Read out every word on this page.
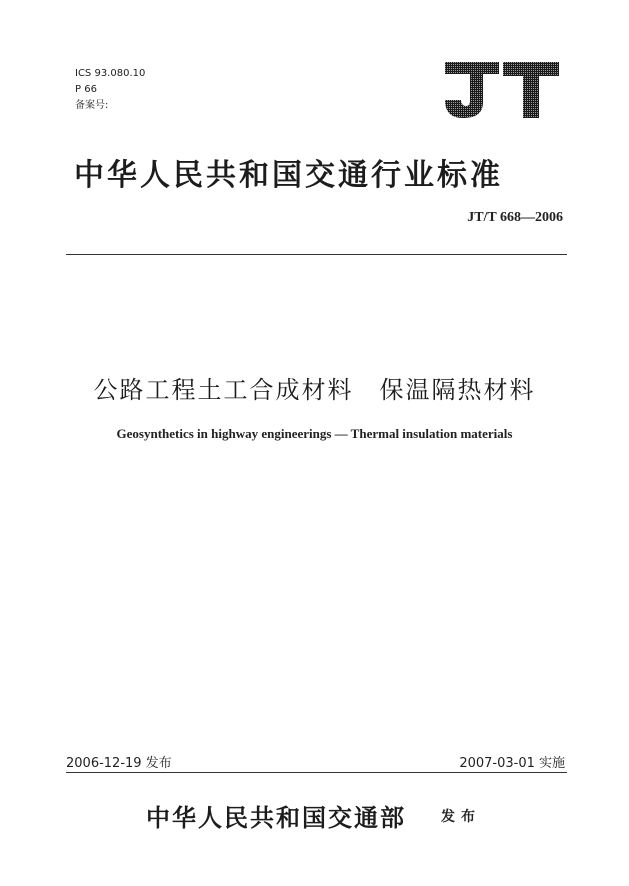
ICS 93.080.10
P 66
备案号:
中华人民共和国交通行业标准
JT/T 668—2006
公路工程土工合成材料　保温隔热材料
Geosynthetics in highway engineerings — Thermal insulation materials
2006-12-19 发布	2007-03-01 实施
中华人民共和国交通部	发布
